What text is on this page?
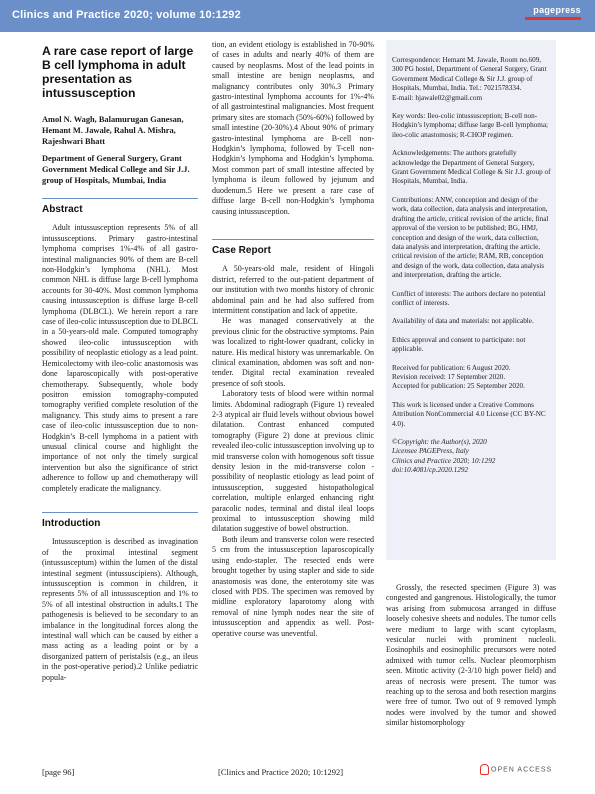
Clinics and Practice 2020; volume 10:1292	pagepress
A rare case report of large B cell lymphoma in adult presentation as intussusception
Amol N. Wagh, Balamurugan Ganesan, Hemant M. Jawale, Rahul A. Mishra, Rajeshwari Bhatt
Department of General Surgery, Grant Government Medical College and Sir J.J. group of Hospitals, Mumbai, India
Abstract

Adult intussusception represents 5% of all intussusceptions. Primary gastro-intestinal lymphoma comprises 1%-4% of all gastro-intestinal malignancies 90% of them are B-cell non-Hodgkin’s lymphoma (NHL). Most common NHL is diffuse large B-cell lymphoma accounts for 30-40%. Most common lymphoma causing intussusception is diffuse large B-cell lymphoma (DLBCL). We herein report a rare case of ileo-colic intussusception due to DLBCL in a 50-years-old male. Computed tomography showed ileo-colic intussusception with possibility of neoplastic etiology as a lead point. Hemicolectomy with ileo-colic anastomosis was done laparoscopically with post-operative chemotherapy. Subsequently, whole body positron emission tomography-computed tomography verified complete resolution of the malignancy. This study aims to present a rare case of ileo-colic intussusception due to non-Hodgkin’s B-cell lymphoma in a patient with unusual clinical course and highlight the importance of not only the timely surgical intervention but also the significance of strict adherence to follow up and chemotherapy will completely eradicate the malignancy.

Introduction

Intussusception is described as invagination of the proximal intestinal segment (intussusceptum) within the lumen of the distal intestinal segment (intussuscipiens). Although, intussusception is common in children, it represents 5% of all intussusception and 1% to 5% of all intestinal obstruction in adults.1 The pathogenesis is believed to be secondary to an imbalance in the longitudinal forces along the intestinal wall which can be caused by either a mass acting as a leading point or by a disorganized pattern of peristalsis (e.g., an ileus in the post-operative period).2 Unlike pediatric popula-

tion, an evident etiology is established in 70-90% of cases in adults and nearly 40% of them are caused by neoplasms. Most of the lead points in small intestine are benign neoplasms, and malignancy contributes only 30%.3 Primary gastro-intestinal lymphoma accounts for 1%-4% of all gastrointestinal malignancies. Most frequent primary sites are stomach (50%-60%) followed by small intestine (20-30%).4 About 90% of primary gastro-intestinal lymphoma are B-cell non-Hodgkin’s lymphoma, followed by T-cell non-Hodgkin’s lymphoma and Hodgkin’s lymphoma. Most common part of small intestine affected by lymphoma is ileum followed by jejunum and duodenum.5 Here we present a rare case of diffuse large B-cell non-Hodgkin’s lymphoma causing intussusception.

Case Report

A 50-years-old male, resident of Hingoli district, referred to the out-patient department of our institution with two months history of chronic abdominal pain and he had also suffered from intermittent constipation and lack of appetite.

He was managed conservatively at the previous clinic for the obstructive symptoms. Pain was localized to right-lower quadrant, colicky in nature. His medical history was unremarkable. On clinical examination, abdomen was soft and non-tender. Digital rectal examination revealed presence of soft stools.

Laboratory tests of blood were within normal limits. Abdominal radiograph (Figure 1) revealed 2-3 atypical air fluid levels without obvious bowel dilatation. Contrast enhanced computed tomography (Figure 2) done at previous clinic revealed ileo-colic intussusception involving up to mid transverse colon with homogenous soft tissue density lesion in the mid-transverse colon - possibility of neoplastic etiology as lead point of intussusception, suggested histopathological correlation, multiple enlarged enhancing right paracolic nodes, terminal and distal ileal loops proximal to intussusception showing mild dilatation suggestive of bowel obstruction.

Both ileum and transverse colon were resected 5 cm from the intussusception laparoscopically using endo-stapler. The resected ends were brought together by using stapler and side to side anastomosis was done, the enterotomy site was closed with PDS. The specimen was removed by midline exploratory laparotomy along with removal of nine lymph nodes near the site of intussusception and appendix as well. Post-operative course was uneventful.

Correspondence: Hemant M. Jawale, Room no.609, 300 PG hostel, Department of General Surgery, Grant Government Medical College & Sir J.J. group of Hospitals, Mumbai, India. Tel.: 7021578334.
E-mail: hjawale02@gmail.com
Key words: Ileo-colic intussusception; B-cell non-Hodgkin’s lymphoma; diffuse large B-cell lymphoma; ileo-colic anastomosis; R-CHOP regimen.
Acknowledgements: The authors gratefully acknowledge the Department of General Surgery, Grant Government Medical College & Sir J.J. group of Hospitals, Mumbai, India.
Contributions: ANW, conception and design of the work, data collection, data analysis and interpretation, drafting the article, critical revision of the article, final approval of the version to be published; BG, HMJ, conception and design of the work, data collection, data analysis and interpretation, drafting the article, critical revision of the article; RAM, RB, conception and design of the work, data collection, data analysis and interpretation, drafting the article.
Conflict of interests: The authors declare no potential conflict of interests.
Availability of data and materials: not applicable.
Ethics approval and consent to participate: not applicable.
Received for publication: 6 August 2020.
Revision received: 17 September 2020.
Accepted for publication: 25 September 2020.
This work is licensed under a Creative Commons Attribution NonCommercial 4.0 License (CC BY-NC 4.0).
©Copyright: the Author(s), 2020
Licensee PAGEPress, Italy
Clinics and Practice 2020; 10:1292
doi:10.4081/cp.2020.1292

Grossly, the resected specimen (Figure 3) was congested and gangrenous. Histologically, the tumor was arising from submucosa arranged in diffuse loosely cohesive sheets and nodules. The tumor cells were medium to large with scant cytoplasm, vesicular nuclei with prominent nucleoli. Eosinophils and eosinophilic precursors were noted admixed with tumor cells. Nuclear pleomorphism seen. Mitotic activity (2-3/10 high power field) and areas of necrosis were present. The tumor was reaching up to the serosa and both resection margins were free of tumor. Two out of 9 removed lymph nodes were involved by the tumor and showed similar histomorphology

[page 96]	[Clinics and Practice 2020; 10:1292]	OPEN ACCESS
